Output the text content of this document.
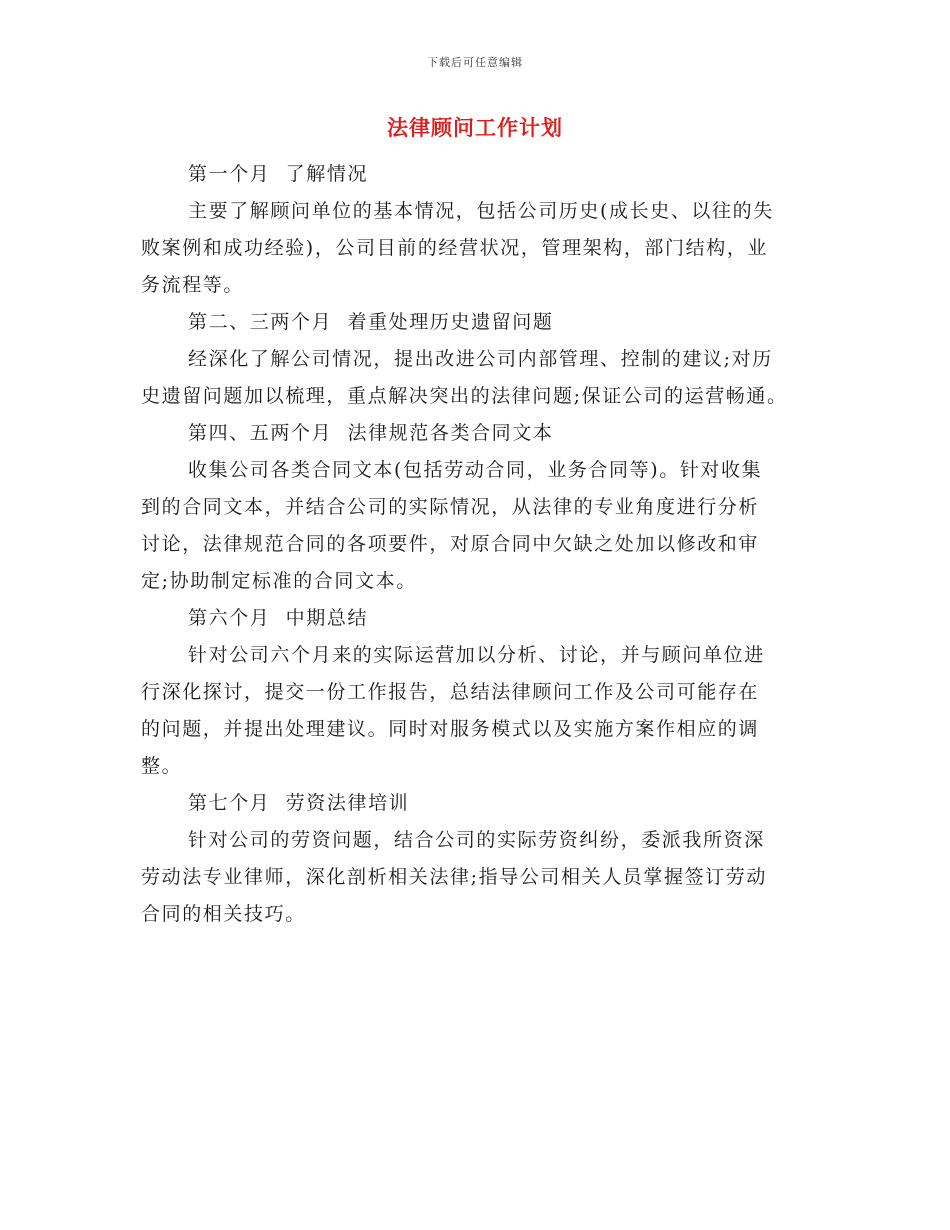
下载后可任意编辑
法律顾问工作计划

第一个月  了解情况

主要了解顾问单位的基本情况，包括公司历史(成长史、以往的失

败案例和成功经验)，公司目前的经营状况，管理架构，部门结构，业

务流程等。

第二、三两个月  着重处理历史遗留问题

经深化了解公司情况，提出改进公司内部管理、控制的建议;对历

史遗留问题加以梳理，重点解决突出的法律问题;保证公司的运营畅通。

第四、五两个月  法律规范各类合同文本

收集公司各类合同文本(包括劳动合同，业务合同等)。针对收集

到的合同文本，并结合公司的实际情况，从法律的专业角度进行分析

讨论，法律规范合同的各项要件，对原合同中欠缺之处加以修改和审

定;协助制定标准的合同文本。

第六个月  中期总结

针对公司六个月来的实际运营加以分析、讨论，并与顾问单位进

行深化探讨，提交一份工作报告，总结法律顾问工作及公司可能存在

的问题，并提出处理建议。同时对服务模式以及实施方案作相应的调

整。

第七个月  劳资法律培训

针对公司的劳资问题，结合公司的实际劳资纠纷，委派我所资深

劳动法专业律师，深化剖析相关法律;指导公司相关人员掌握签订劳动

合同的相关技巧。
